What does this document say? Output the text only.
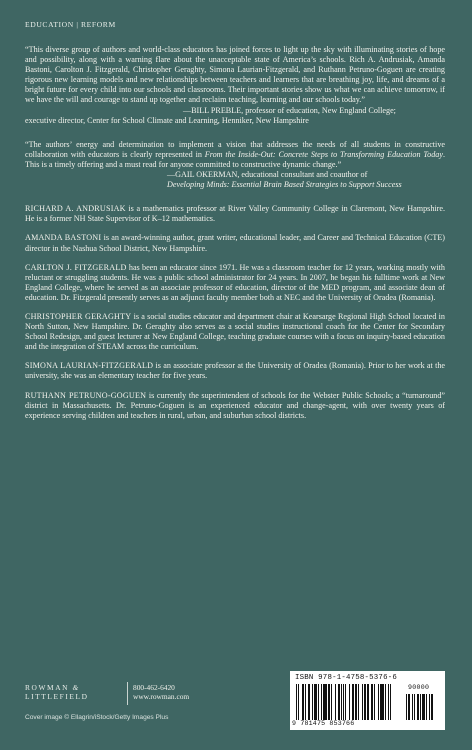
EDUCATION | REFORM

“This diverse group of authors and world-class educators has joined forces to light up the sky with illuminating stories of hope and possibility, along with a warning flare about the unacceptable state of America’s schools. Rich A. Andrusiak, Amanda Bastoni, Carolton J. Fitzgerald, Christopher Geraghty, Simona Laurian-Fitzgerald, and Ruthann Petruno-Goguen are creating rigorous new learning models and new relationships between teachers and learners that are breathing joy, life, and dreams of a bright future for every child into our schools and classrooms. Their important stories show us what we can achieve tomorrow, if we have the will and courage to stand up together and reclaim teaching, learning and our schools today.”

—BILL PREBLE, professor of education, New England College;
executive director, Center for School Climate and Learning, Henniker, New Hampshire

“The authors’ energy and determination to implement a vision that addresses the needs of all students in constructive collaboration with educators is clearly represented in From the Inside-Out: Concrete Steps to Transforming Education Today. This is a timely offering and a must read for anyone committed to constructive dynamic change.”

—GAIL OKERMAN, educational consultant and coauthor of
Developing Minds: Essential Brain Based Strategies to Support Success

RICHARD A. ANDRUSIAK is a mathematics professor at River Valley Community College in Claremont, New Hampshire. He is a former NH State Supervisor of K–12 mathematics.

AMANDA BASTONI is an award-winning author, grant writer, educational leader, and Career and Technical Education (CTE) director in the Nashua School District, New Hampshire.

CARLTON J. FITZGERALD has been an educator since 1971. He was a classroom teacher for 12 years, working mostly with reluctant or struggling students. He was a public school administrator for 24 years. In 2007, he began his fulltime work at New England College, where he served as an associate professor of education, director of the MED program, and associate dean of education. Dr. Fitzgerald presently serves as an adjunct faculty member both at NEC and the University of Oradea (Romania).

CHRISTOPHER GERAGHTY is a social studies educator and department chair at Kearsarge Regional High School located in North Sutton, New Hampshire. Dr. Geraghty also serves as a social studies instructional coach for the Center for Secondary School Redesign, and guest lecturer at New England College, teaching graduate courses with a focus on inquiry-based education and the integration of STEAM across the curriculum.

SIMONA LAURIAN-FITZGERALD is an associate professor at the University of Oradea (Romania). Prior to her work at the university, she was an elementary teacher for five years.

RUTHANN PETRUNO-GOGUEN is currently the superintendent of schools for the Webster Public Schools; a “turnaround” district in Massachusetts. Dr. Petruno-Goguen is an experienced educator and change-agent, with over twenty years of experience serving children and teachers in rural, urban, and suburban school districts.

ROWMAN &
LITTLEFIELD
800-462-6420
www.rowman.com
Cover image © Ellagrin/iStock/Getty Images Plus
ISBN 978-1-4758-5376-6
90000
9 781475 853766
